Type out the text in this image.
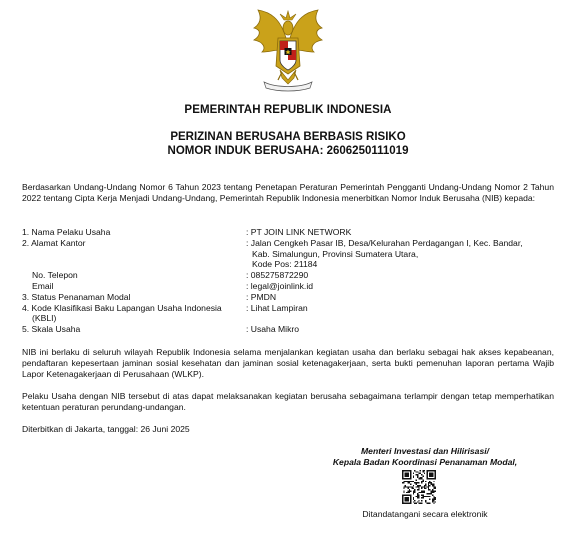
PEMERINTAH REPUBLIK INDONESIA
PERIZINAN BERUSAHA BERBASIS RISIKO
NOMOR INDUK BERUSAHA: 2606250111019
Berdasarkan Undang-Undang Nomor 6 Tahun 2023 tentang Penetapan Peraturan Pemerintah Pengganti Undang-Undang Nomor 2 Tahun 2022 tentang Cipta Kerja Menjadi Undang-Undang, Pemerintah Republik Indonesia menerbitkan Nomor Induk Berusaha (NIB) kepada:
1. Nama Pelaku Usaha	: PT JOIN LINK NETWORK
2. Alamat Kantor	: Jalan Cengkeh Pasar IB, Desa/Kelurahan Perdagangan I, Kec. Bandar,
Kab. Simalungun, Provinsi Sumatera Utara,
Kode Pos: 21184
No. Telepon	: 085275872290
Email	: legal@joinlink.id
3. Status Penanaman Modal	: PMDN
4. Kode Klasifikasi Baku Lapangan Usaha Indonesia
(KBLI)
: Lihat Lampiran
5. Skala Usaha	: Usaha Mikro
NIB ini berlaku di seluruh wilayah Republik Indonesia selama menjalankan kegiatan usaha dan berlaku sebagai hak akses kepabeanan, pendaftaran kepesertaan jaminan sosial kesehatan dan jaminan sosial ketenagakerjaan, serta bukti pemenuhan laporan pertama Wajib Lapor Ketenagakerjaan di Perusahaan (WLKP).
Pelaku Usaha dengan NIB tersebut di atas dapat melaksanakan kegiatan berusaha sebagaimana terlampir dengan tetap memperhatikan ketentuan peraturan perundang-undangan.
Diterbitkan di Jakarta, tanggal: 26 Juni 2025
Menteri Investasi dan Hilirisasi/
Kepala Badan Koordinasi Penanaman Modal,
Ditandatangani secara elektronik
